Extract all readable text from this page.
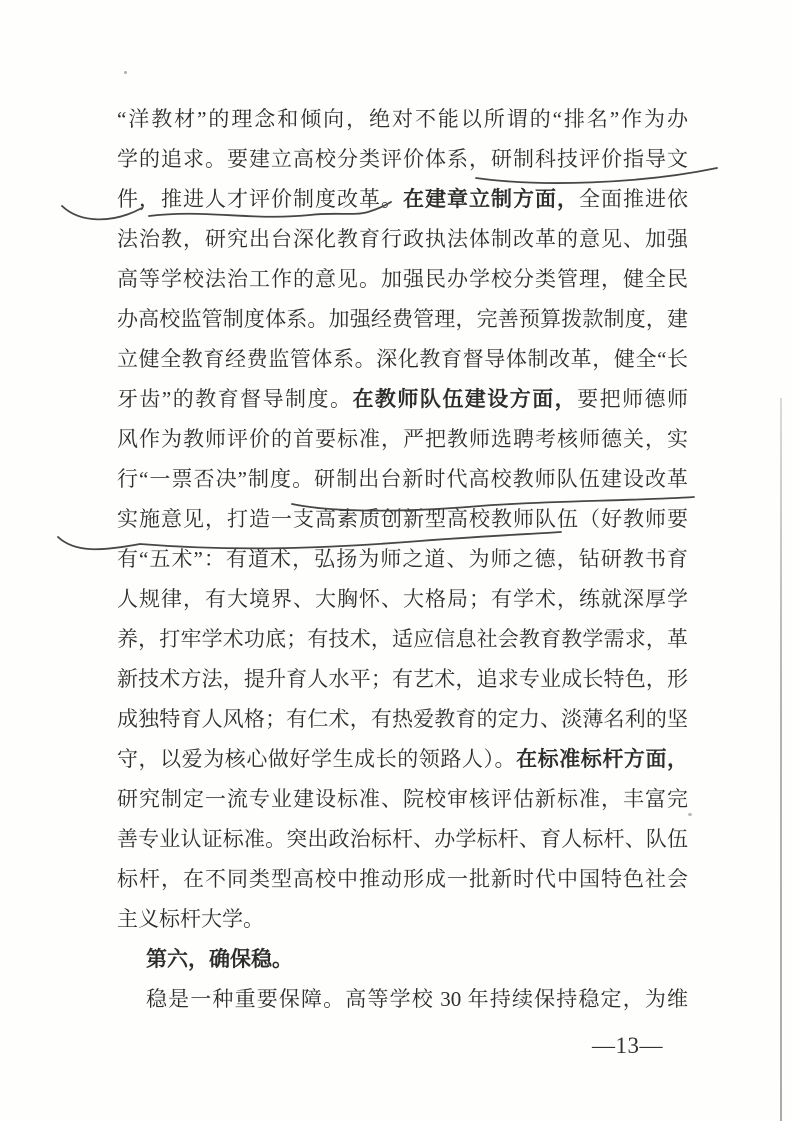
“洋教材”的理念和倾向，绝对不能以所谓的“排名”作为办
学的追求。要建立高校分类评价体系，研制科技评价指导文
件，推进人才评价制度改革。在建章立制方面，全面推进依
法治教，研究出台深化教育行政执法体制改革的意见、加强
高等学校法治工作的意见。加强民办学校分类管理，健全民
办高校监管制度体系。加强经费管理，完善预算拨款制度，建
立健全教育经费监管体系。深化教育督导体制改革，健全“长
牙齿”的教育督导制度。在教师队伍建设方面，要把师德师
风作为教师评价的首要标准，严把教师选聘考核师德关，实
行“一票否决”制度。研制出台新时代高校教师队伍建设改革
实施意见，打造一支高素质创新型高校教师队伍（好教师要
有“五术”：有道术，弘扬为师之道、为师之德，钻研教书育
人规律，有大境界、大胸怀、大格局；有学术，练就深厚学
养，打牢学术功底；有技术，适应信息社会教育教学需求，革
新技术方法，提升育人水平；有艺术，追求专业成长特色，形
成独特育人风格；有仁术，有热爱教育的定力、淡薄名利的坚
守，以爱为核心做好学生成长的领路人）。在标准标杆方面，
研究制定一流专业建设标准、院校审核评估新标准，丰富完
善专业认证标准。突出政治标杆、办学标杆、育人标杆、队伍
标杆，在不同类型高校中推动形成一批新时代中国特色社会
主义标杆大学。
第六，确保稳。
稳是一种重要保障。高等学校 30 年持续保持稳定，为维
—13—
